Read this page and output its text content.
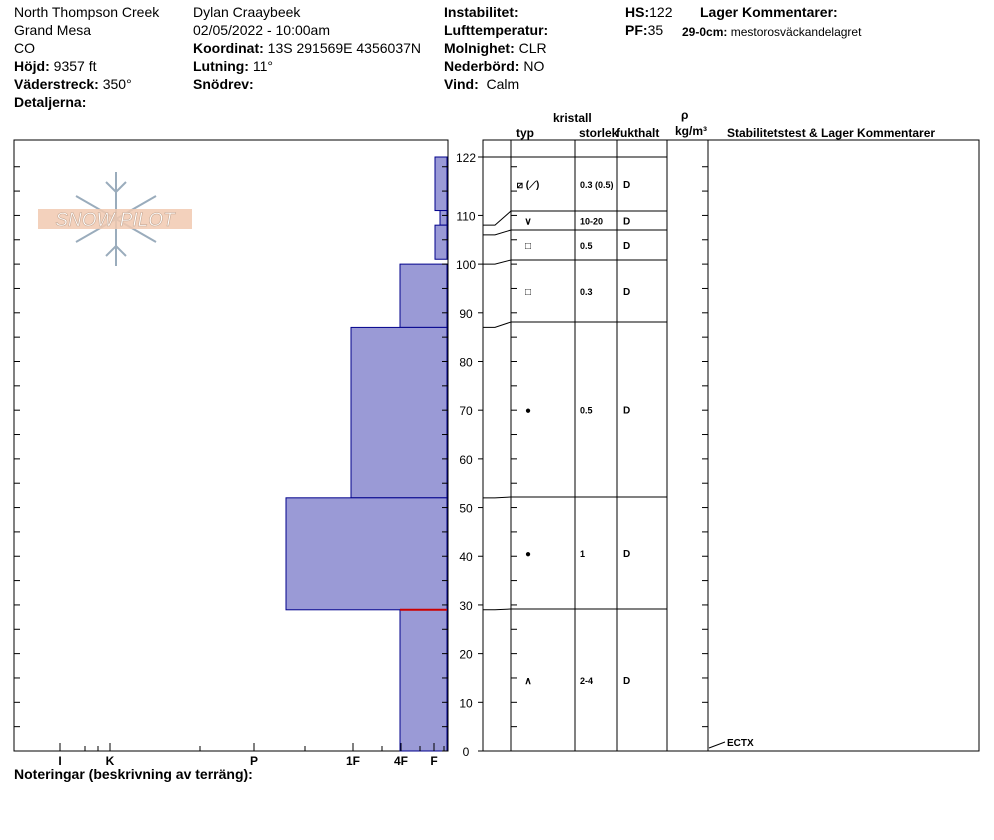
North Thompson Creek
Grand Mesa
CO
Höjd: 9357 ft
Väderstreck: 350°
Detaljerna:
Dylan Craaybeek
02/05/2022 - 10:00am
Koordinat: 13S 291569E 4356037N
Lutning: 11°
Snödrev:
Instabilitet:
Lufttemperatur:
Molnighet: CLR
Nederbörd: NO
Vind: Calm
HS:122
PF:35
Lager Kommentarer:
29-0cm: mestorosväckandelagret
kristall
typ	storlek
fukthalt
ρ
kg/m³ Stabilitetstest & Lager Kommentarer
SNOW PILOT
I	K	P	1F	4F F
0
10
20
30
40
50
60
70
80
90
100
110
122
⧄ (⟋)	0.3 (0.5) D
∨	10-20 D
□	0.5	D
□	0.3	D
●	0.5	D
●	1	D
∧	2-4	D
ECTX
Noteringar (beskrivning av terräng):
